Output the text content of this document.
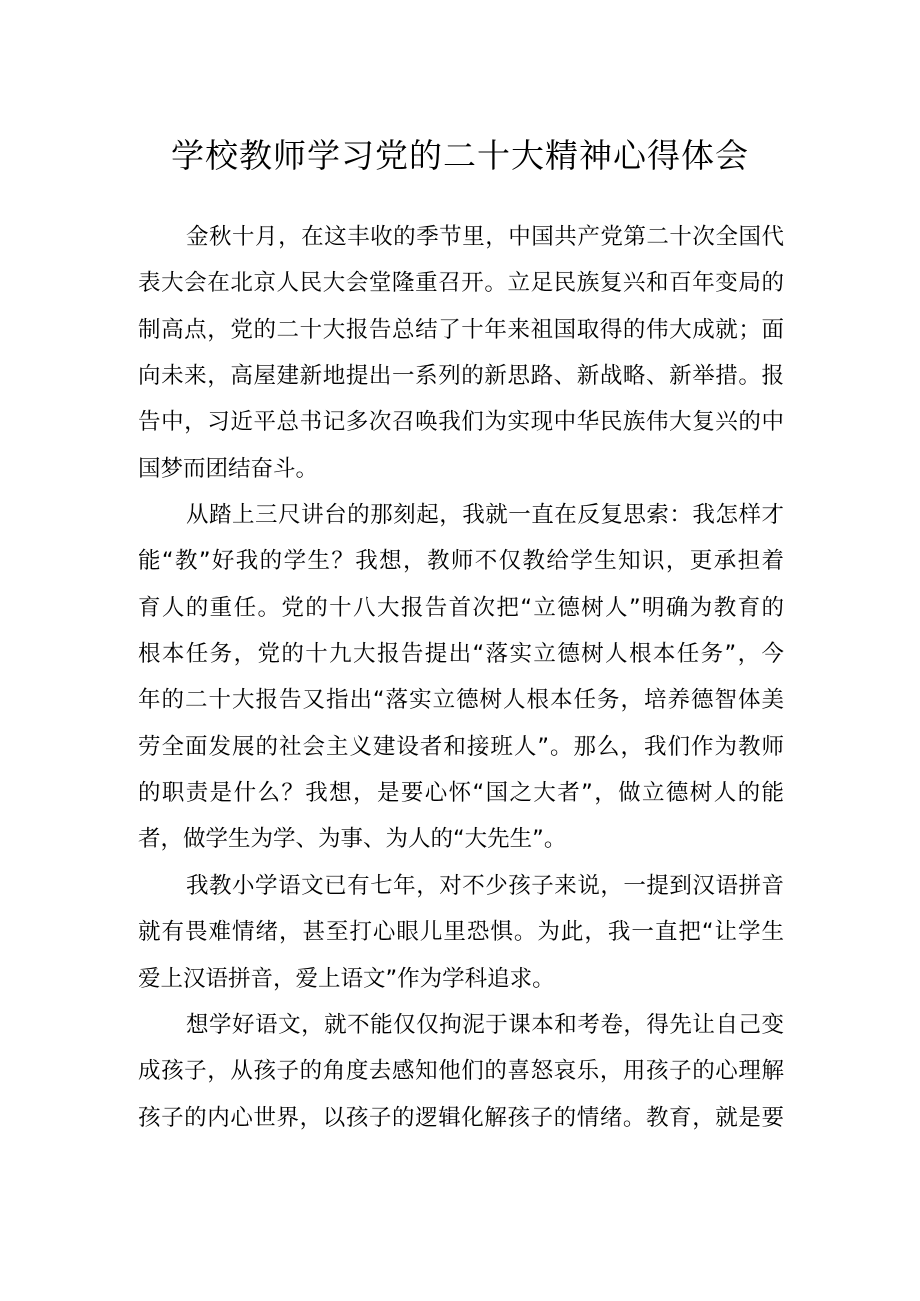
学校教师学习党的二十大精神心得体会
金秋十月，在这丰收的季节里，中国共产党第二十次全国代
表大会在北京人民大会堂隆重召开。立足民族复兴和百年变局的
制高点，党的二十大报告总结了十年来祖国取得的伟大成就；面
向未来，高屋建新地提出一系列的新思路、新战略、新举措。报
告中，习近平总书记多次召唤我们为实现中华民族伟大复兴的中
国梦而团结奋斗。
从踏上三尺讲台的那刻起，我就一直在反复思索：我怎样才
能“教”好我的学生？我想，教师不仅教给学生知识，更承担着
育人的重任。党的十八大报告首次把“立德树人”明确为教育的
根本任务，党的十九大报告提出“落实立德树人根本任务”，今
年的二十大报告又指出“落实立德树人根本任务，培养德智体美
劳全面发展的社会主义建设者和接班人”。那么，我们作为教师
的职责是什么？我想，是要心怀“国之大者”，做立德树人的能
者，做学生为学、为事、为人的“大先生”。
我教小学语文已有七年，对不少孩子来说，一提到汉语拼音
就有畏难情绪，甚至打心眼儿里恐惧。为此，我一直把“让学生
爱上汉语拼音，爱上语文”作为学科追求。
想学好语文，就不能仅仅拘泥于课本和考卷，得先让自己变
成孩子，从孩子的角度去感知他们的喜怒哀乐，用孩子的心理解
孩子的内心世界，以孩子的逻辑化解孩子的情绪。教育，就是要
